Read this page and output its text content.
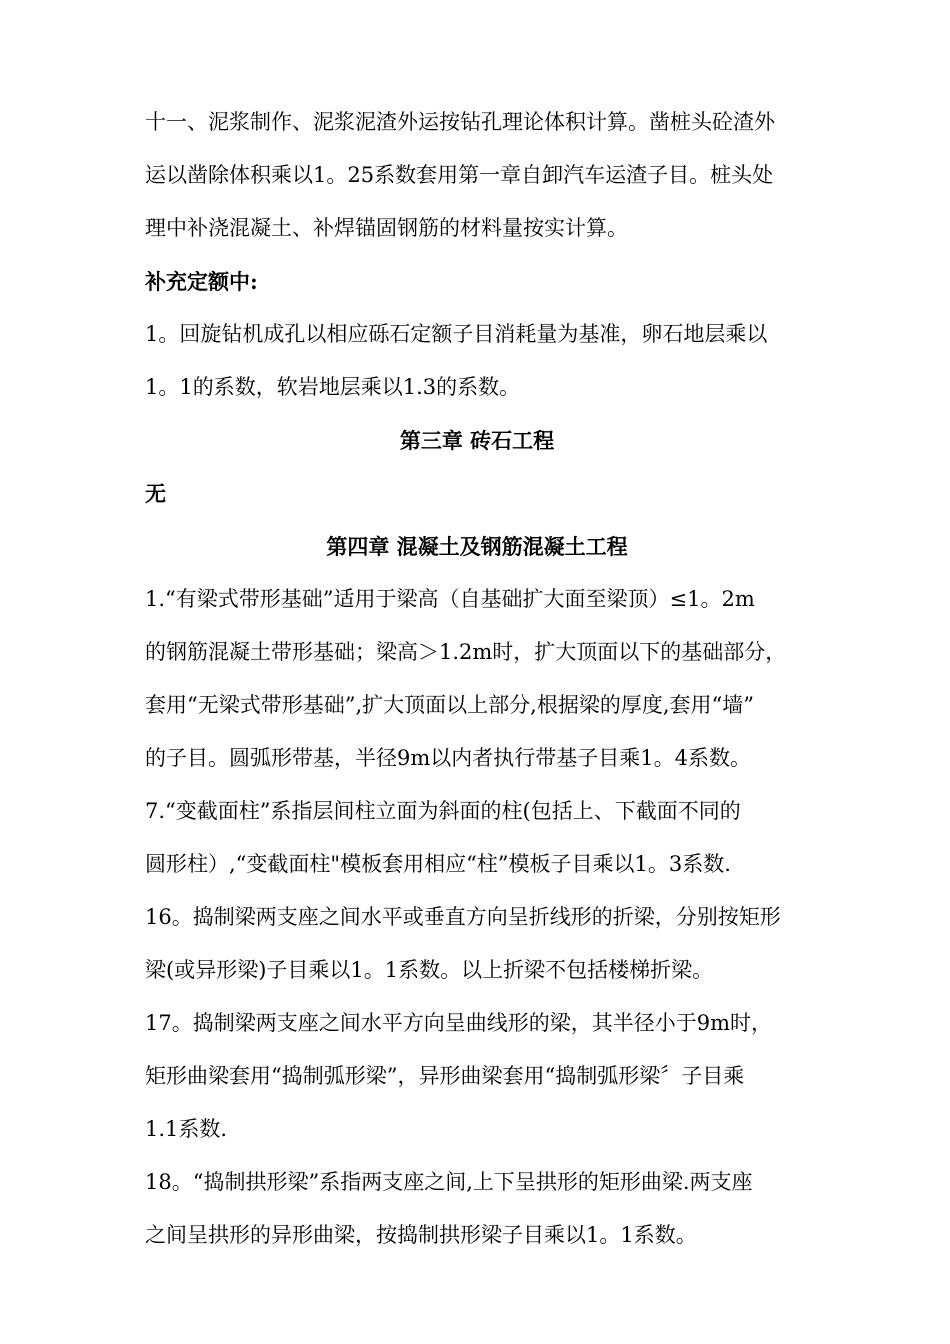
十一、泥浆制作、泥浆泥渣外运按钻孔理论体积计算。凿桩头砼渣外
运以凿除体积乘以1。25系数套用第一章自卸汽车运渣子目。桩头处
理中补浇混凝土、补焊锚固钢筋的材料量按实计算。
补充定额中:
1。回旋钻机成孔以相应砾石定额子目消耗量为基准，卵石地层乘以
1。1的系数，软岩地层乘以1.3的系数。
第三章 砖石工程
无
第四章 混凝土及钢筋混凝土工程
1.“有梁式带形基础”适用于梁高（自基础扩大面至梁顶）≤1。2m
的钢筋混凝土带形基础；梁高＞1.2m时，扩大顶面以下的基础部分，
套用“无梁式带形基础”,扩大顶面以上部分,根据梁的厚度,套用“墙”
的子目。圆弧形带基，半径9m以内者执行带基子目乘1。4系数。
7.“变截面柱”系指层间柱立面为斜面的柱(包括上、下截面不同的
圆形柱）,“变截面柱"模板套用相应“柱”模板子目乘以1。3系数.
16。捣制梁两支座之间水平或垂直方向呈折线形的折梁，分别按矩形
梁(或异形梁)子目乘以1。1系数。以上折梁不包括楼梯折梁。
17。捣制梁两支座之间水平方向呈曲线形的梁，其半径小于9m时，
矩形曲梁套用“捣制弧形梁”，异形曲梁套用“捣制弧形梁〞子目乘
1.1系数.
18。“捣制拱形梁”系指两支座之间,上下呈拱形的矩形曲梁.两支座
之间呈拱形的异形曲梁，按捣制拱形梁子目乘以1。1系数。
